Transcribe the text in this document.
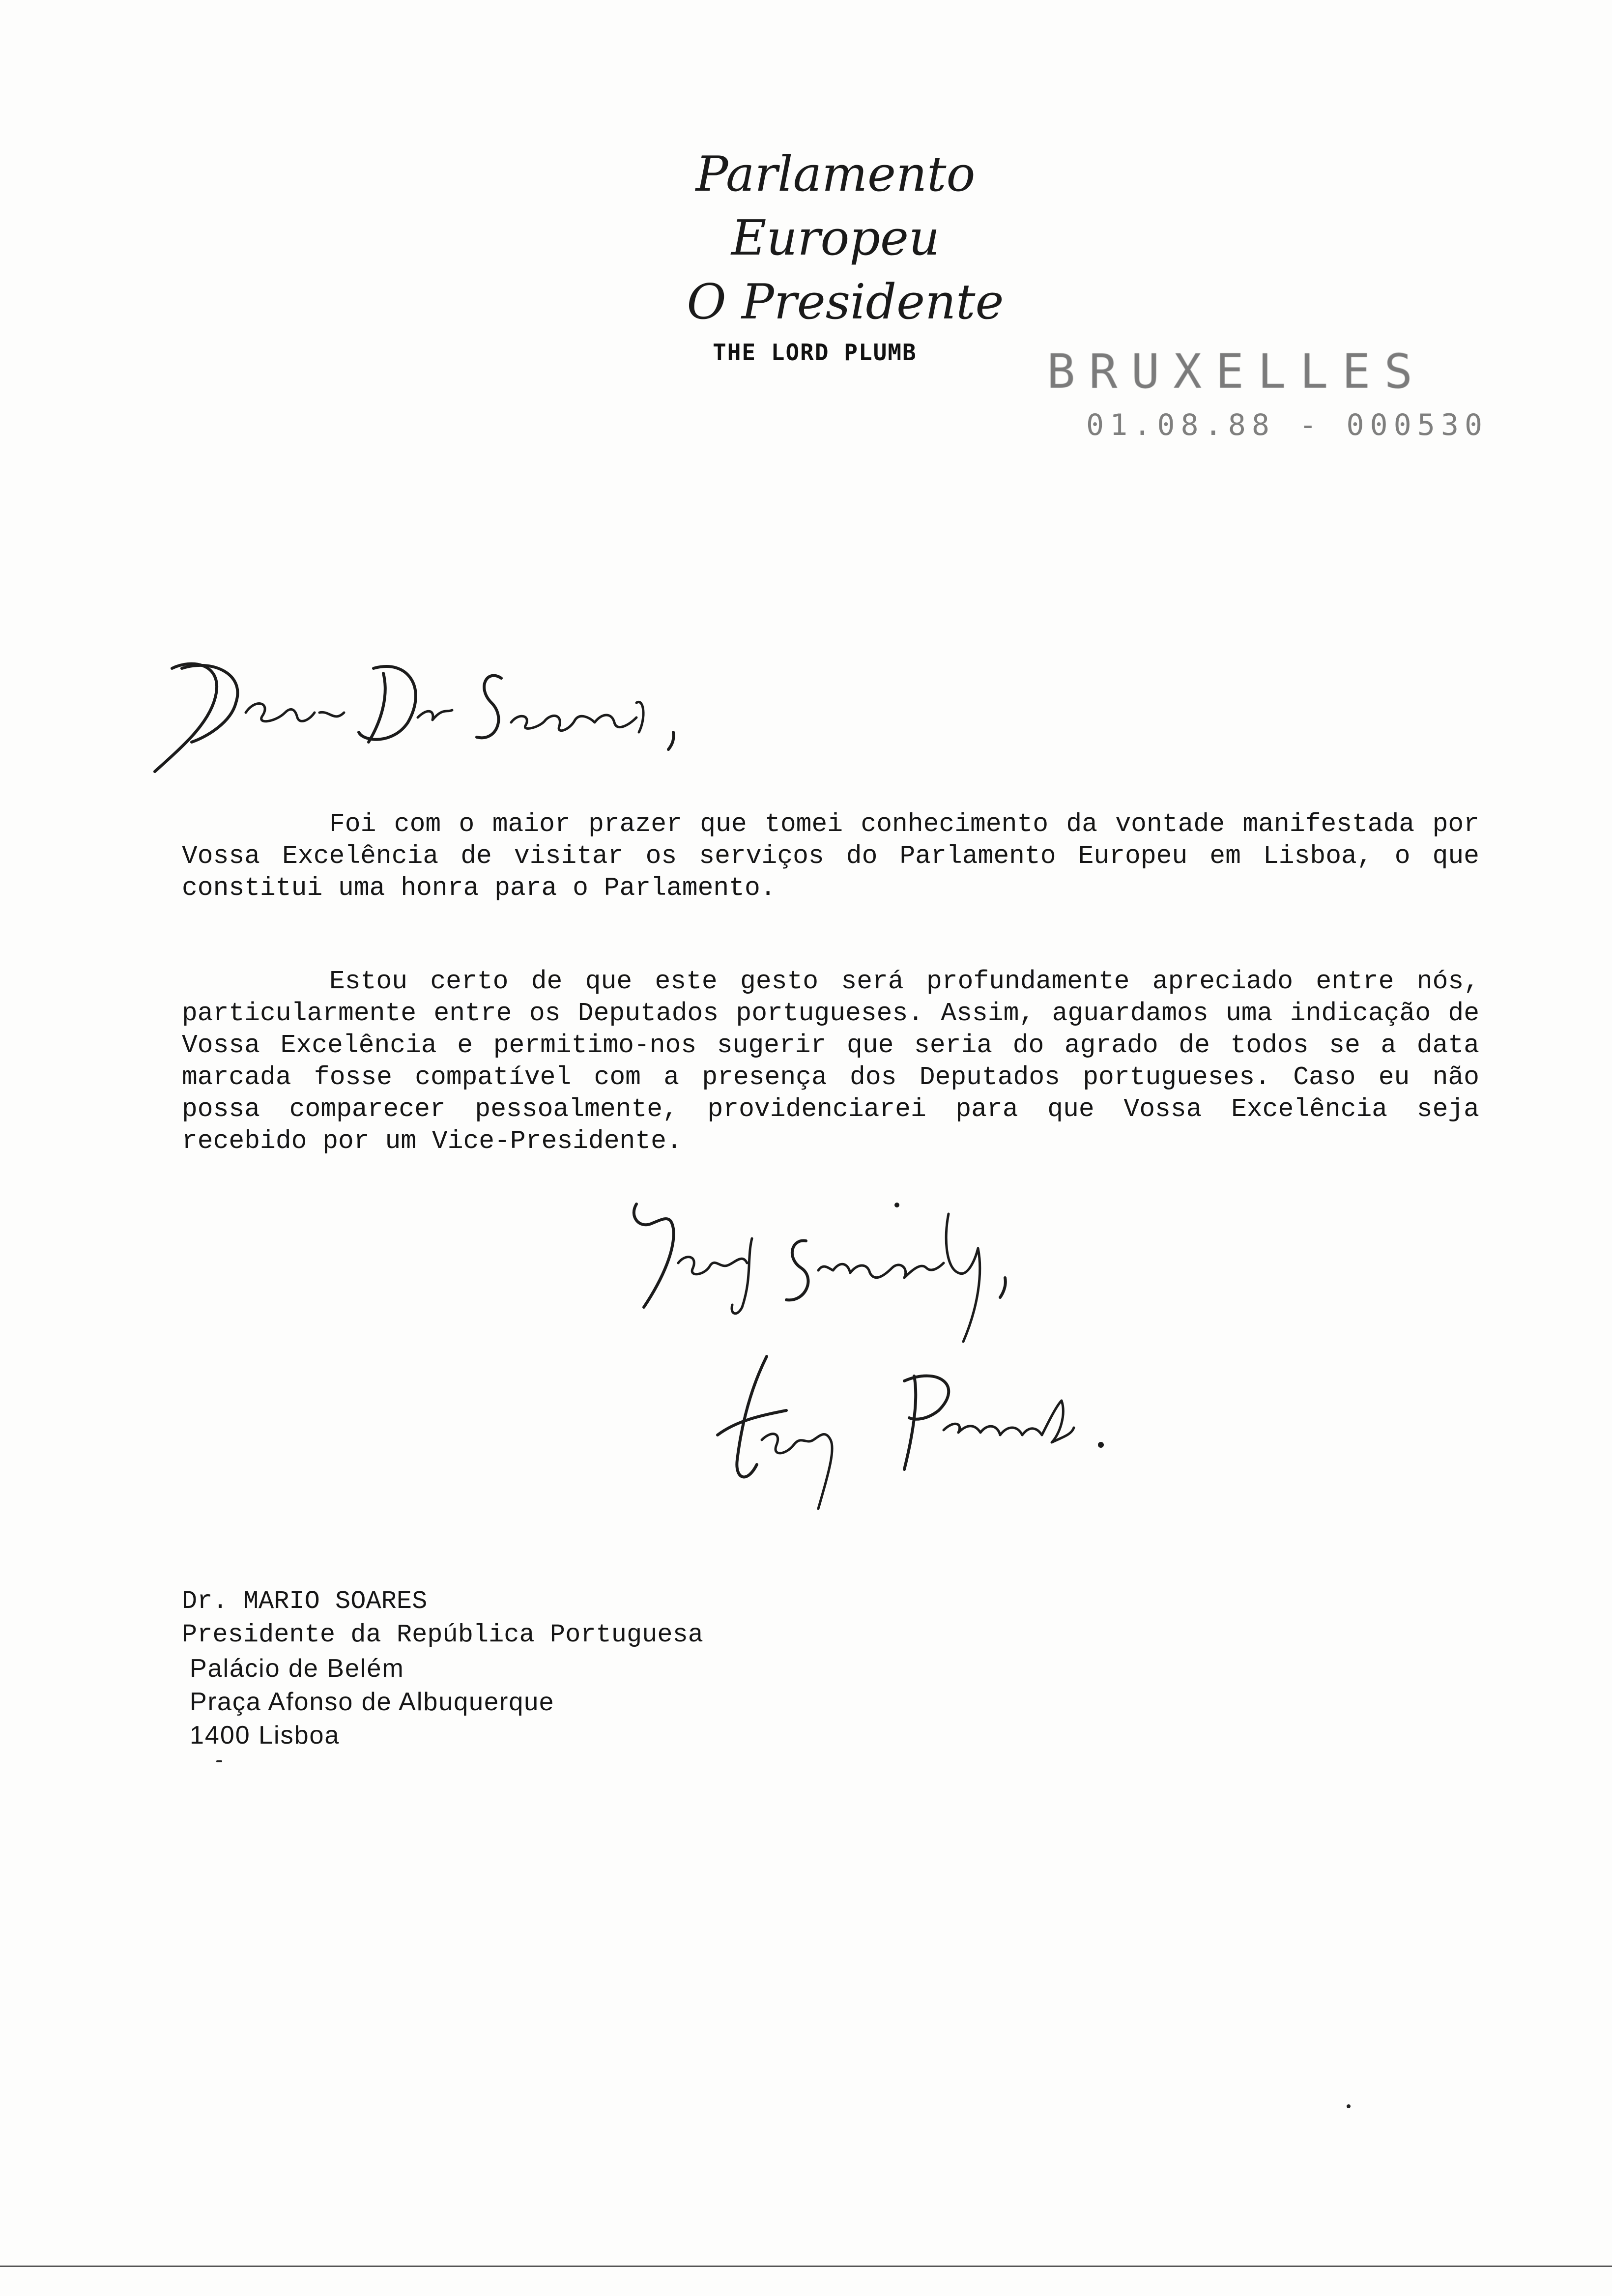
Parlamento Europeu
O Presidente
THE LORD PLUMB	BRUXELLES
01.08.88 - 000530
Foi com o maior prazer que tomei conhecimento da vontade manifestada por Vossa Excelência de visitar os serviços do Parlamento Europeu em Lisboa, o que constitui uma honra para o Parlamento.
Estou certo de que este gesto será profundamente apreciado entre nós, particularmente entre os Deputados portugueses. Assim, aguardamos uma indicação de Vossa Excelência e permitimo-nos sugerir que seria do agrado de todos se a data marcada fosse compatível com a presença dos Deputados portugueses. Caso eu não possa comparecer pessoalmente, providenciarei para que Vossa Excelência seja recebido por um Vice-Presidente.
Dr. MARIO SOARES
Presidente da República Portuguesa
Palácio de Belém
Praça Afonso de Albuquerque
1400 Lisboa
